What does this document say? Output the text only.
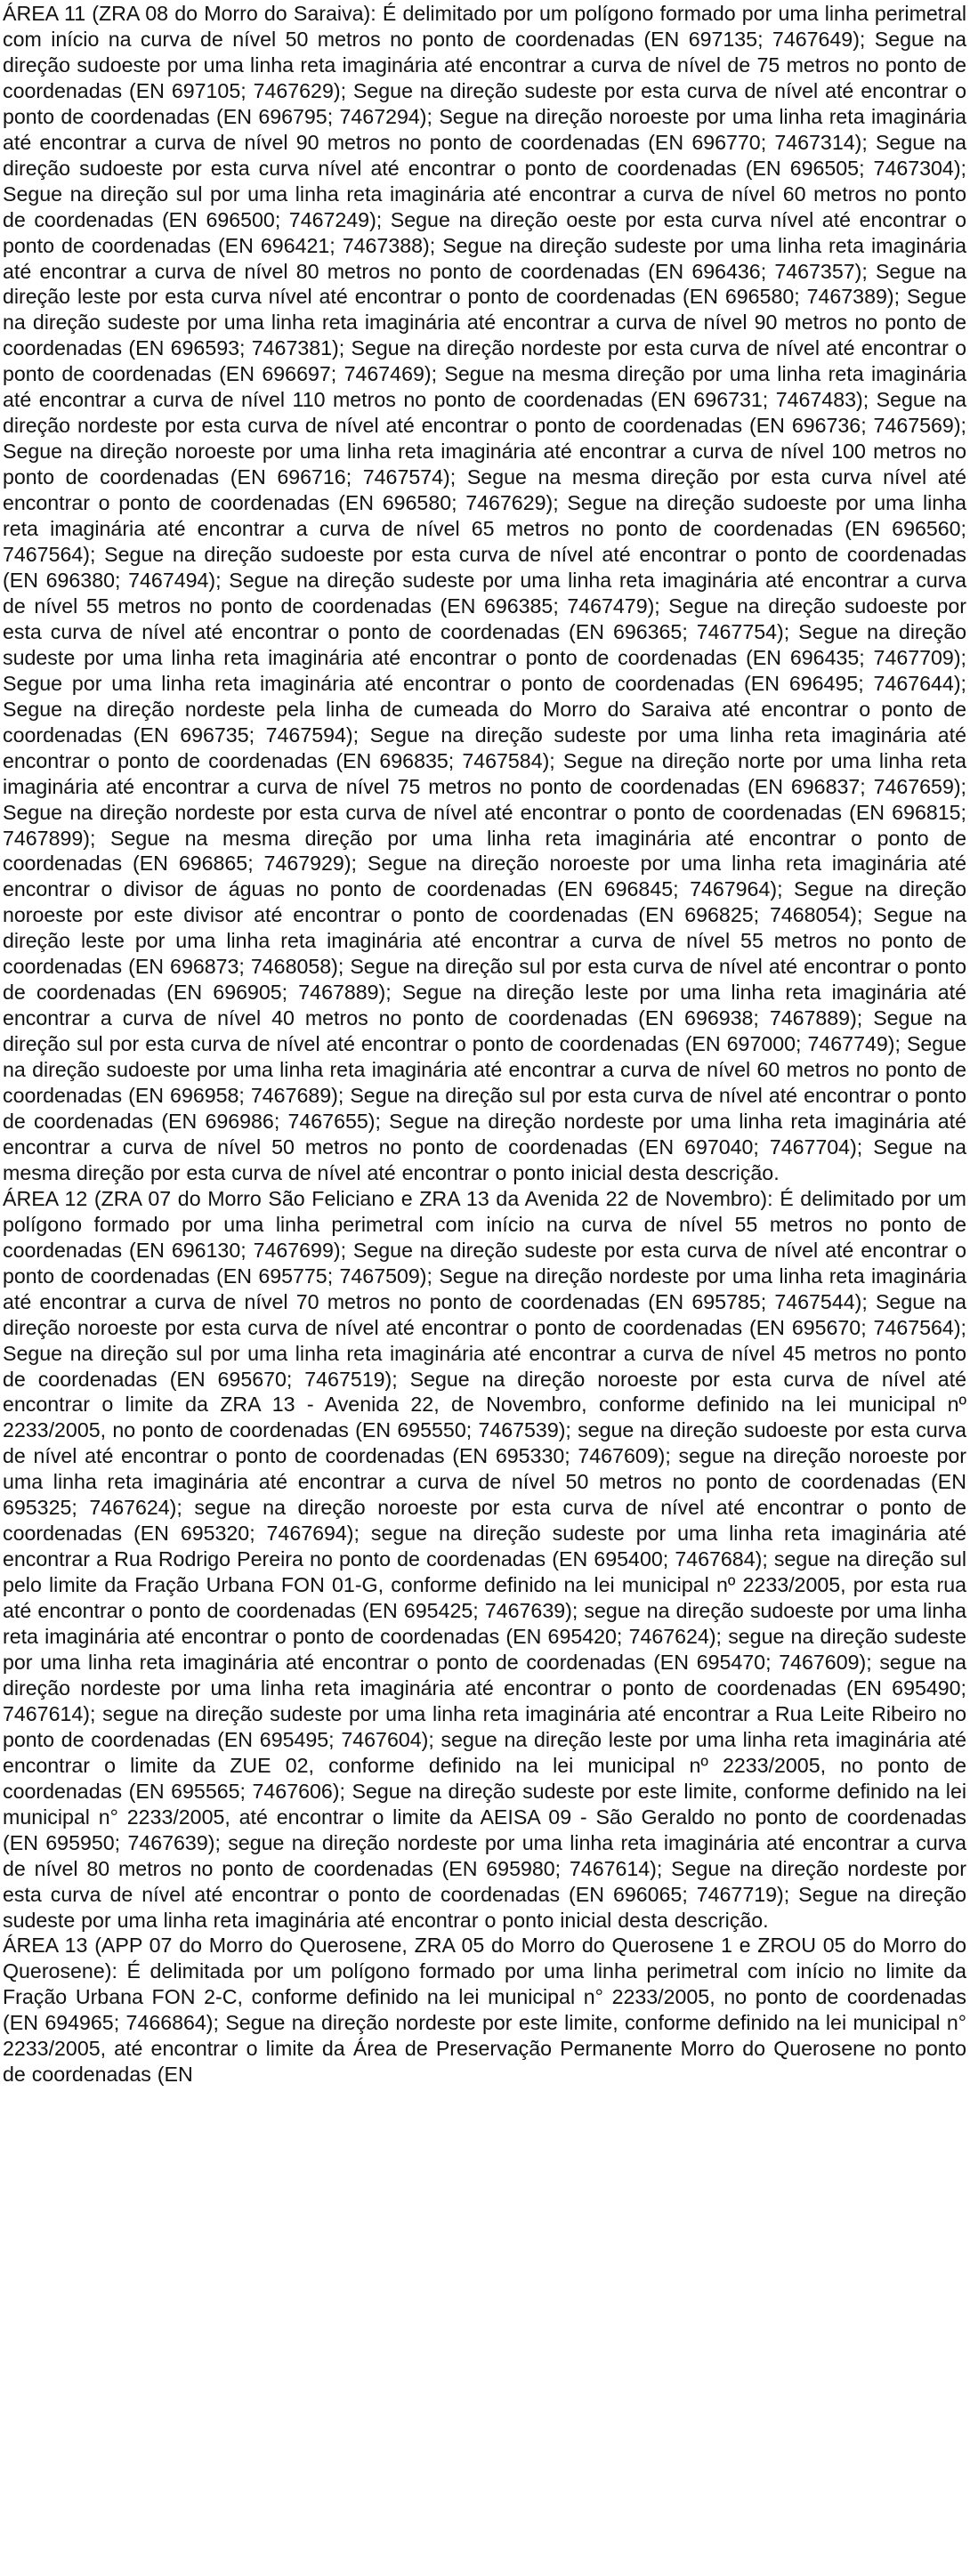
ÁREA 11 (ZRA 08 do Morro do Saraiva): É delimitado por um polígono formado por uma linha perimetral com início na curva de nível 50 metros no ponto de coordenadas (EN 697135; 7467649); Segue na direção sudoeste por uma linha reta imaginária até encontrar a curva de nível de 75 metros no ponto de coordenadas (EN 697105; 7467629); Segue na direção sudeste por esta curva de nível até encontrar o ponto de coordenadas (EN 696795; 7467294); Segue na direção noroeste por uma linha reta imaginária até encontrar a curva de nível 90 metros no ponto de coordenadas (EN 696770; 7467314); Segue na direção sudoeste por esta curva nível até encontrar o ponto de coordenadas (EN 696505; 7467304); Segue na direção sul por uma linha reta imaginária até encontrar a curva de nível 60 metros no ponto de coordenadas (EN 696500; 7467249); Segue na direção oeste por esta curva nível até encontrar o ponto de coordenadas (EN 696421; 7467388); Segue na direção sudeste por uma linha reta imaginária até encontrar a curva de nível 80 metros no ponto de coordenadas (EN 696436; 7467357); Segue na direção leste por esta curva nível até encontrar o ponto de coordenadas (EN 696580; 7467389); Segue na direção sudeste por uma linha reta imaginária até encontrar a curva de nível 90 metros no ponto de coordenadas (EN 696593; 7467381); Segue na direção nordeste por esta curva de nível até encontrar o ponto de coordenadas (EN 696697; 7467469); Segue na mesma direção por uma linha reta imaginária até encontrar a curva de nível 110 metros no ponto de coordenadas (EN 696731; 7467483); Segue na direção nordeste por esta curva de nível até encontrar o ponto de coordenadas (EN 696736; 7467569); Segue na direção noroeste por uma linha reta imaginária até encontrar a curva de nível 100 metros no ponto de coordenadas (EN 696716; 7467574); Segue na mesma direção por esta curva nível até encontrar o ponto de coordenadas (EN 696580; 7467629); Segue na direção sudoeste por uma linha reta imaginária até encontrar a curva de nível 65 metros no ponto de coordenadas (EN 696560; 7467564); Segue na direção sudoeste por esta curva de nível até encontrar o ponto de coordenadas (EN 696380; 7467494); Segue na direção sudeste por uma linha reta imaginária até encontrar a curva de nível 55 metros no ponto de coordenadas (EN 696385; 7467479); Segue na direção sudoeste por esta curva de nível até encontrar o ponto de coordenadas (EN 696365; 7467754); Segue na direção sudeste por uma linha reta imaginária até encontrar o ponto de coordenadas (EN 696435; 7467709); Segue por uma linha reta imaginária até encontrar o ponto de coordenadas (EN 696495; 7467644); Segue na direção nordeste pela linha de cumeada do Morro do Saraiva até encontrar o ponto de coordenadas (EN 696735; 7467594); Segue na direção sudeste por uma linha reta imaginária até encontrar o ponto de coordenadas (EN 696835; 7467584); Segue na direção norte por uma linha reta imaginária até encontrar a curva de nível 75 metros no ponto de coordenadas (EN 696837; 7467659); Segue na direção nordeste por esta curva de nível até encontrar o ponto de coordenadas (EN 696815; 7467899); Segue na mesma direção por uma linha reta imaginária até encontrar o ponto de coordenadas (EN 696865; 7467929); Segue na direção noroeste por uma linha reta imaginária até encontrar o divisor de águas no ponto de coordenadas (EN 696845; 7467964); Segue na direção noroeste por este divisor até encontrar o ponto de coordenadas (EN 696825; 7468054); Segue na direção leste por uma linha reta imaginária até encontrar a curva de nível 55 metros no ponto de coordenadas (EN 696873; 7468058); Segue na direção sul por esta curva de nível até encontrar o ponto de coordenadas (EN 696905; 7467889); Segue na direção leste por uma linha reta imaginária até encontrar a curva de nível 40 metros no ponto de coordenadas (EN 696938; 7467889); Segue na direção sul por esta curva de nível até encontrar o ponto de coordenadas (EN 697000; 7467749); Segue na direção sudoeste por uma linha reta imaginária até encontrar a curva de nível 60 metros no ponto de coordenadas (EN 696958; 7467689); Segue na direção sul por esta curva de nível até encontrar o ponto de coordenadas (EN 696986; 7467655); Segue na direção nordeste por uma linha reta imaginária até encontrar a curva de nível 50 metros no ponto de coordenadas (EN 697040; 7467704); Segue na mesma direção por esta curva de nível até encontrar o ponto inicial desta descrição.

ÁREA 12 (ZRA 07 do Morro São Feliciano e ZRA 13 da Avenida 22 de Novembro): É delimitado por um polígono formado por uma linha perimetral com início na curva de nível 55 metros no ponto de coordenadas (EN 696130; 7467699); Segue na direção sudeste por esta curva de nível até encontrar o ponto de coordenadas (EN 695775; 7467509); Segue na direção nordeste por uma linha reta imaginária até encontrar a curva de nível 70 metros no ponto de coordenadas (EN 695785; 7467544); Segue na direção noroeste por esta curva de nível até encontrar o ponto de coordenadas (EN 695670; 7467564); Segue na direção sul por uma linha reta imaginária até encontrar a curva de nível 45 metros no ponto de coordenadas (EN 695670; 7467519); Segue na direção noroeste por esta curva de nível até encontrar o limite da ZRA 13 - Avenida 22, de Novembro, conforme definido na lei municipal nº 2233/2005, no ponto de coordenadas (EN 695550; 7467539); segue na direção sudoeste por esta curva de nível até encontrar o ponto de coordenadas (EN 695330; 7467609); segue na direção noroeste por uma linha reta imaginária até encontrar a curva de nível 50 metros no ponto de coordenadas (EN 695325; 7467624); segue na direção noroeste por esta curva de nível até encontrar o ponto de coordenadas (EN 695320; 7467694); segue na direção sudeste por uma linha reta imaginária até encontrar a Rua Rodrigo Pereira no ponto de coordenadas (EN 695400; 7467684); segue na direção sul pelo limite da Fração Urbana FON 01-G, conforme definido na lei municipal nº 2233/2005, por esta rua até encontrar o ponto de coordenadas (EN 695425; 7467639); segue na direção sudoeste por uma linha reta imaginária até encontrar o ponto de coordenadas (EN 695420; 7467624); segue na direção sudeste por uma linha reta imaginária até encontrar o ponto de coordenadas (EN 695470; 7467609); segue na direção nordeste por uma linha reta imaginária até encontrar o ponto de coordenadas (EN 695490; 7467614); segue na direção sudeste por uma linha reta imaginária até encontrar a Rua Leite Ribeiro no ponto de coordenadas (EN 695495; 7467604); segue na direção leste por uma linha reta imaginária até encontrar o limite da ZUE 02, conforme definido na lei municipal nº 2233/2005, no ponto de coordenadas (EN 695565; 7467606); Segue na direção sudeste por este limite, conforme definido na lei municipal n° 2233/2005, até encontrar o limite da AEISA 09 - São Geraldo no ponto de coordenadas (EN 695950; 7467639); segue na direção nordeste por uma linha reta imaginária até encontrar a curva de nível 80 metros no ponto de coordenadas (EN 695980; 7467614); Segue na direção nordeste por esta curva de nível até encontrar o ponto de coordenadas (EN 696065; 7467719); Segue na direção sudeste por uma linha reta imaginária até encontrar o ponto inicial desta descrição.

ÁREA 13 (APP 07 do Morro do Querosene, ZRA 05 do Morro do Querosene 1 e ZROU 05 do Morro do Querosene): É delimitada por um polígono formado por uma linha perimetral com início no limite da Fração Urbana FON 2-C, conforme definido na lei municipal n° 2233/2005, no ponto de coordenadas (EN 694965; 7466864); Segue na direção nordeste por este limite, conforme definido na lei municipal n° 2233/2005, até encontrar o limite da Área de Preservação Permanente Morro do Querosene no ponto de coordenadas (EN
